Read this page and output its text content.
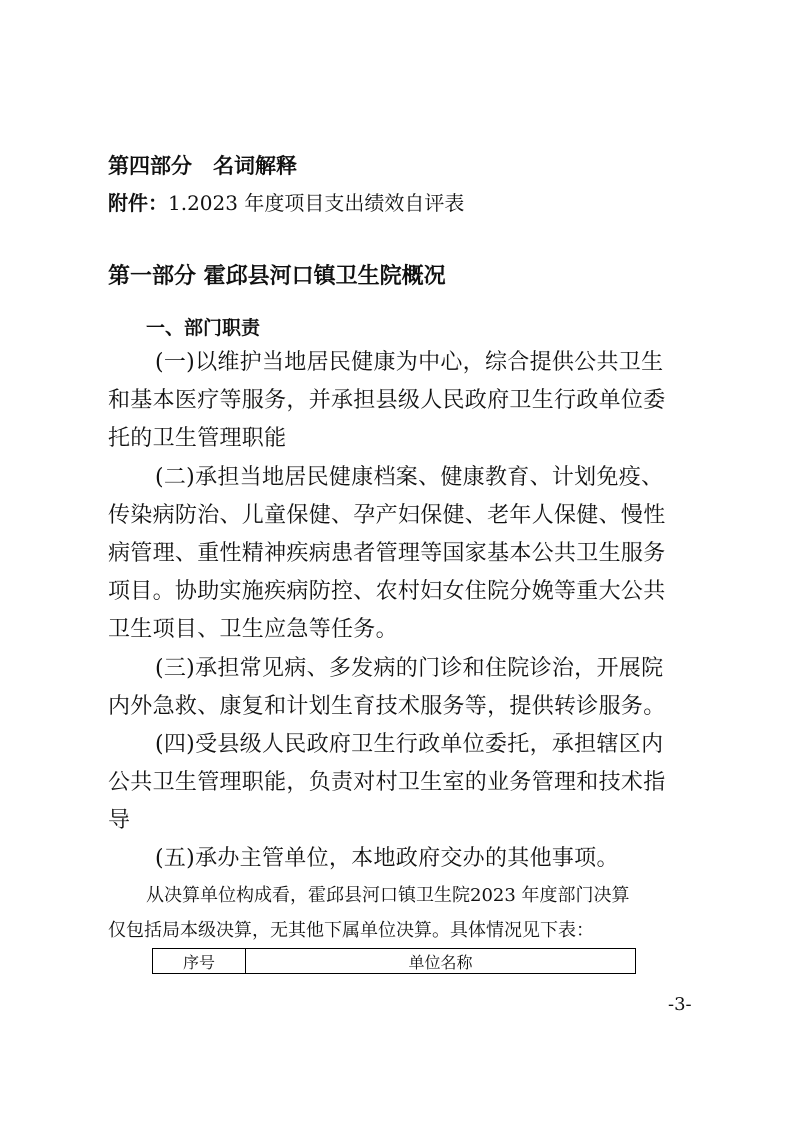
第四部分　名词解释
附件：1.2023 年度项目支出绩效自评表
第一部分 霍邱县河口镇卫生院概况
一、部门职责
(一)以维护当地居民健康为中心，综合提供公共卫生
和基本医疗等服务，并承担县级人民政府卫生行政单位委
托的卫生管理职能
(二)承担当地居民健康档案、健康教育、计划免疫、
传染病防治、儿童保健、孕产妇保健、老年人保健、慢性
病管理、重性精神疾病患者管理等国家基本公共卫生服务
项目。协助实施疾病防控、农村妇女住院分娩等重大公共
卫生项目、卫生应急等任务。
(三)承担常见病、多发病的门诊和住院诊治，开展院
内外急救、康复和计划生育技术服务等，提供转诊服务。
(四)受县级人民政府卫生行政单位委托，承担辖区内
公共卫生管理职能，负责对村卫生室的业务管理和技术指
导
(五)承办主管单位，本地政府交办的其他事项。
从决算单位构成看，霍邱县河口镇卫生院2023 年度部门决算
仅包括局本级决算，无其他下属单位决算。具体情况见下表：
序号	单位名称
-3-
